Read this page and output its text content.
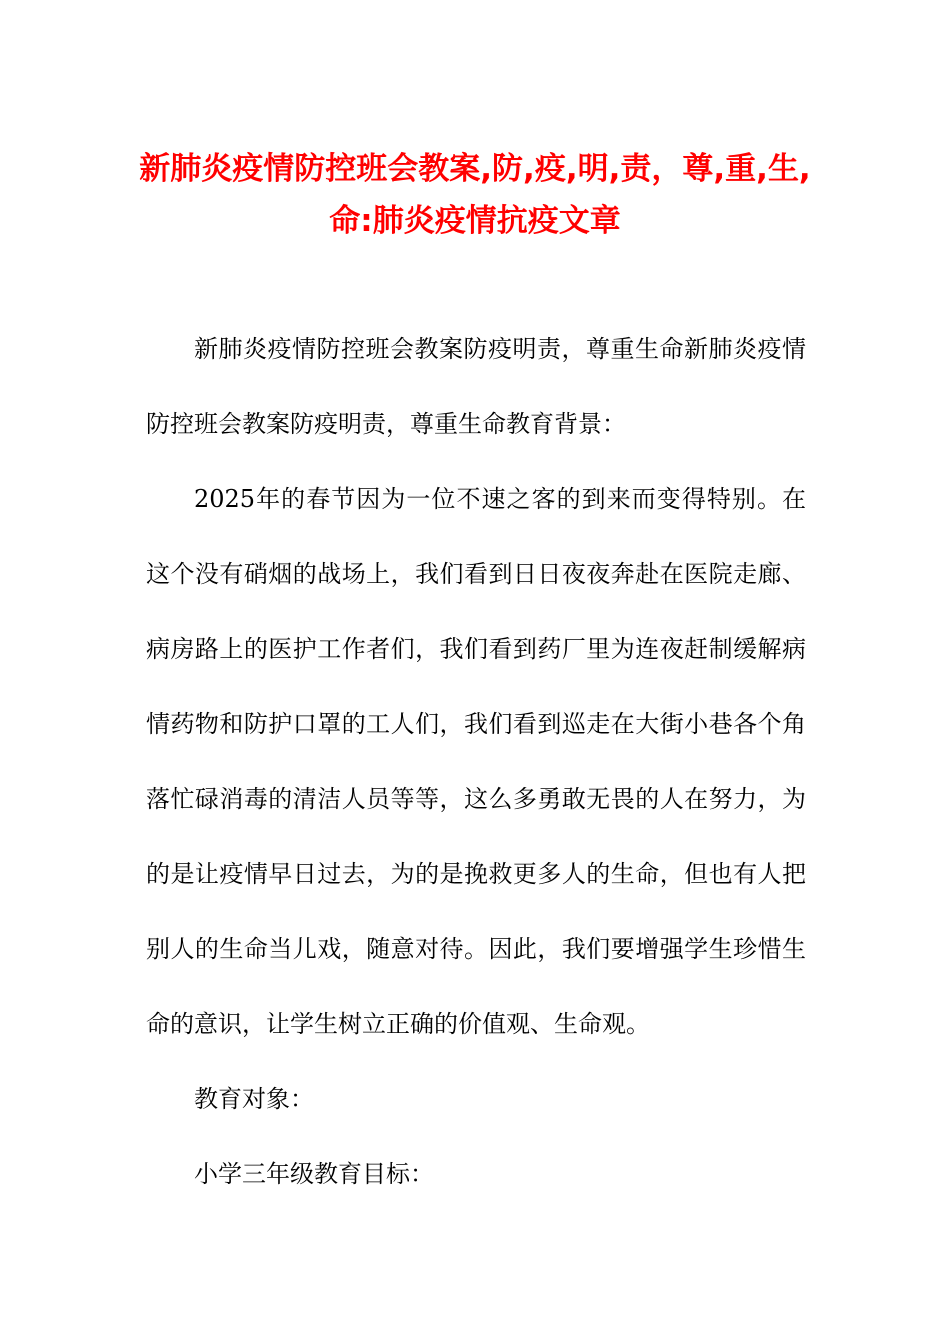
新肺炎疫情防控班会教案,防,疫,明,责，尊,重,生,命:肺炎疫情抗疫文章

新肺炎疫情防控班会教案防疫明责，尊重生命新肺炎疫情防控班会教案防疫明责，尊重生命教育背景：

2025年的春节因为一位不速之客的到来而变得特别。在这个没有硝烟的战场上，我们看到日日夜夜奔赴在医院走廊、病房路上的医护工作者们，我们看到药厂里为连夜赶制缓解病情药物和防护口罩的工人们，我们看到巡走在大街小巷各个角落忙碌消毒的清洁人员等等，这么多勇敢无畏的人在努力，为的是让疫情早日过去，为的是挽救更多人的生命，但也有人把别人的生命当儿戏，随意对待。因此，我们要增强学生珍惜生命的意识，让学生树立正确的价值观、生命观。

教育对象：

小学三年级教育目标：
